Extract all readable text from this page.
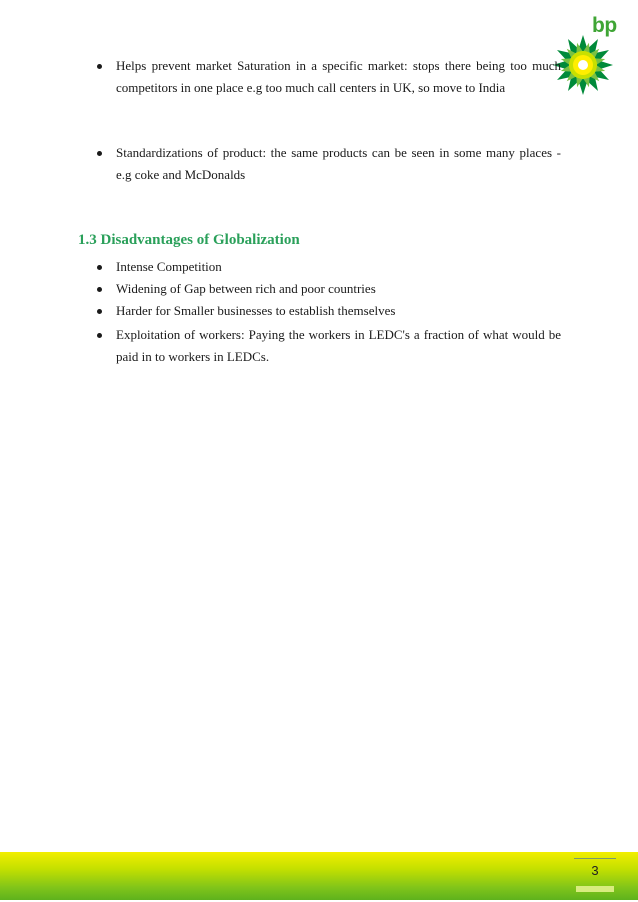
bp
Helps prevent market Saturation in a specific market: stops there being too much competitors in one place e.g too much call centers in UK, so move to India
Standardizations of product: the same products can be seen in some many places - e.g coke and McDonalds
1.3 Disadvantages of Globalization
Intense Competition
Widening of Gap between rich and poor countries
Harder for Smaller businesses to establish themselves
Exploitation of workers: Paying the workers in LEDC's a fraction of what would be paid in to workers in LEDCs.
3
